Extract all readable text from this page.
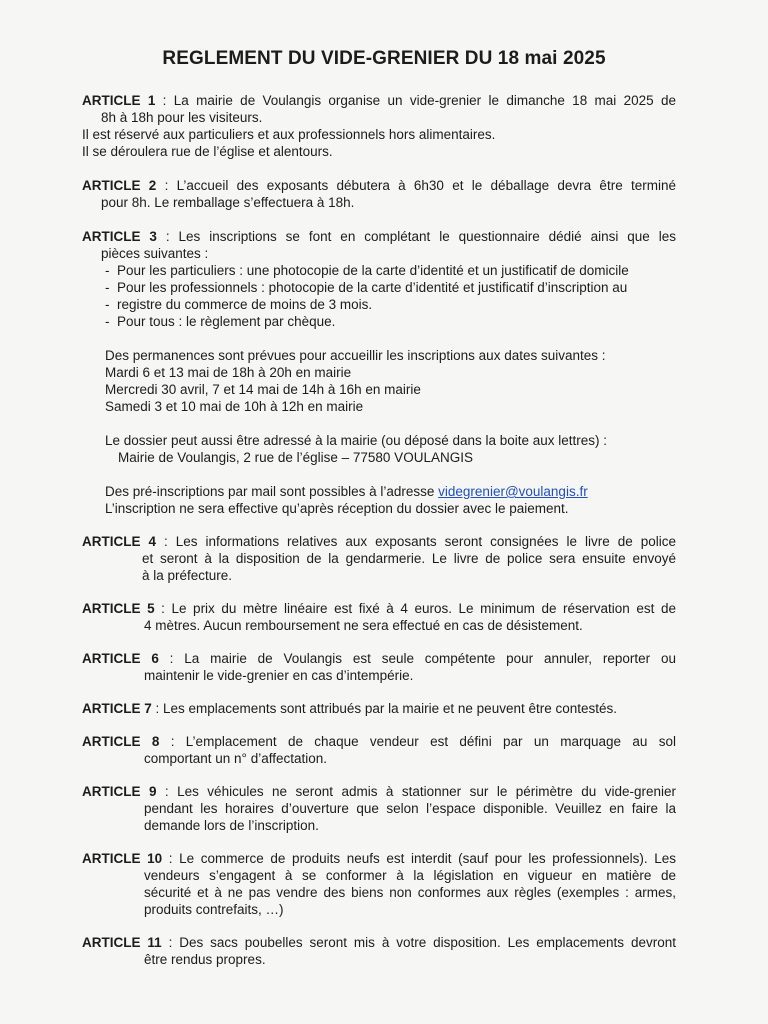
REGLEMENT DU VIDE-GRENIER DU 18 mai 2025

ARTICLE 1 : La mairie de Voulangis organise un vide-grenier le dimanche 18 mai 2025 de

8h à 18h pour les visiteurs.

Il est réservé aux particuliers et aux professionnels hors alimentaires.

Il se déroulera rue de l’église et alentours.

ARTICLE 2 : L’accueil des exposants débutera à 6h30 et le déballage devra être terminé

pour 8h. Le remballage s’effectuera à 18h.

ARTICLE 3 : Les inscriptions se font en complétant le questionnaire dédié ainsi que les

pièces suivantes :

- Pour les particuliers : une photocopie de la carte d’identité et un justificatif de domicile
- Pour les professionnels : photocopie de la carte d’identité et justificatif d’inscription au
- registre du commerce de moins de 3 mois.
- Pour tous : le règlement par chèque.

Des permanences sont prévues pour accueillir les inscriptions aux dates suivantes :

Mardi 6 et 13 mai de 18h à 20h en mairie

Mercredi 30 avril, 7 et 14 mai de 14h à 16h en mairie

Samedi 3 et 10 mai de 10h à 12h en mairie

Le dossier peut aussi être adressé à la mairie (ou déposé dans la boite aux lettres) :

Mairie de Voulangis, 2 rue de l’église – 77580 VOULANGIS

Des pré-inscriptions par mail sont possibles à l’adresse videgrenier@voulangis.fr

L’inscription ne sera effective qu’après réception du dossier avec le paiement.

ARTICLE 4 : Les informations relatives aux exposants seront consignées le livre de police

et seront à la disposition de la gendarmerie. Le livre de police sera ensuite envoyé

à la préfecture.

ARTICLE 5 : Le prix du mètre linéaire est fixé à 4 euros. Le minimum de réservation est de

4 mètres. Aucun remboursement ne sera effectué en cas de désistement.

ARTICLE 6 : La mairie de Voulangis est seule compétente pour annuler, reporter ou

maintenir le vide-grenier en cas d’intempérie.

ARTICLE 7 : Les emplacements sont attribués par la mairie et ne peuvent être contestés.

ARTICLE 8 : L’emplacement de chaque vendeur est défini par un marquage au sol

comportant un n° d’affectation.

ARTICLE 9 : Les véhicules ne seront admis à stationner sur le périmètre du vide-grenier

pendant les horaires d’ouverture que selon l’espace disponible. Veuillez en faire la

demande lors de l’inscription.

ARTICLE 10 : Le commerce de produits neufs est interdit (sauf pour les professionnels). Les

vendeurs s’engagent à se conformer à la législation en vigueur en matière de

sécurité et à ne pas vendre des biens non conformes aux règles (exemples : armes,

produits contrefaits, …)

ARTICLE 11 : Des sacs poubelles seront mis à votre disposition. Les emplacements devront

être rendus propres.
